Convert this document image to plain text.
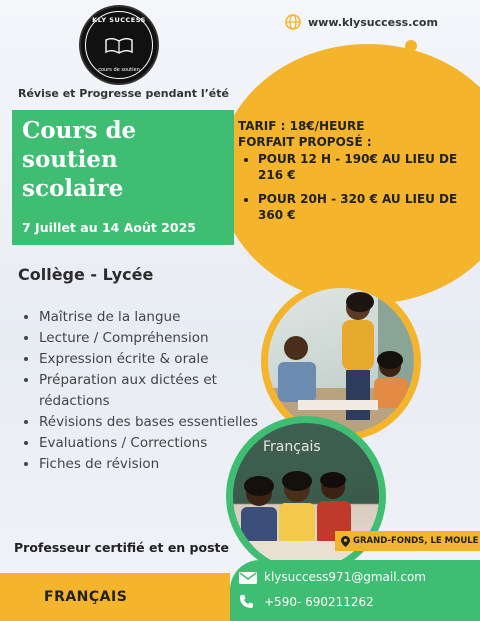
KLY SUCCESS
cours de soutien
www.klysuccess.com
Révise et Progresse pendant l’été
Cours de
soutien
scolaire
7 Juillet au 14 Août 2025
TARIF : 18€/HEURE
FORFAIT PROPOSÉ :
• POUR 12 H - 190€ AU LIEU DE 216 €
• POUR 20H - 320 € AU LIEU DE 360 €
Collège - Lycée
• Maîtrise de la langue
• Lecture / Compréhension
• Expression écrite & orale
• Préparation aux dictées et rédactions
• Révisions des bases essentielles
• Evaluations / Corrections
• Fiches de révision
Français
GRAND-FONDS, LE MOULE
Professeur certifié et en poste
FRANÇAIS
klysuccess971@gmail.com
+590- 690211262
